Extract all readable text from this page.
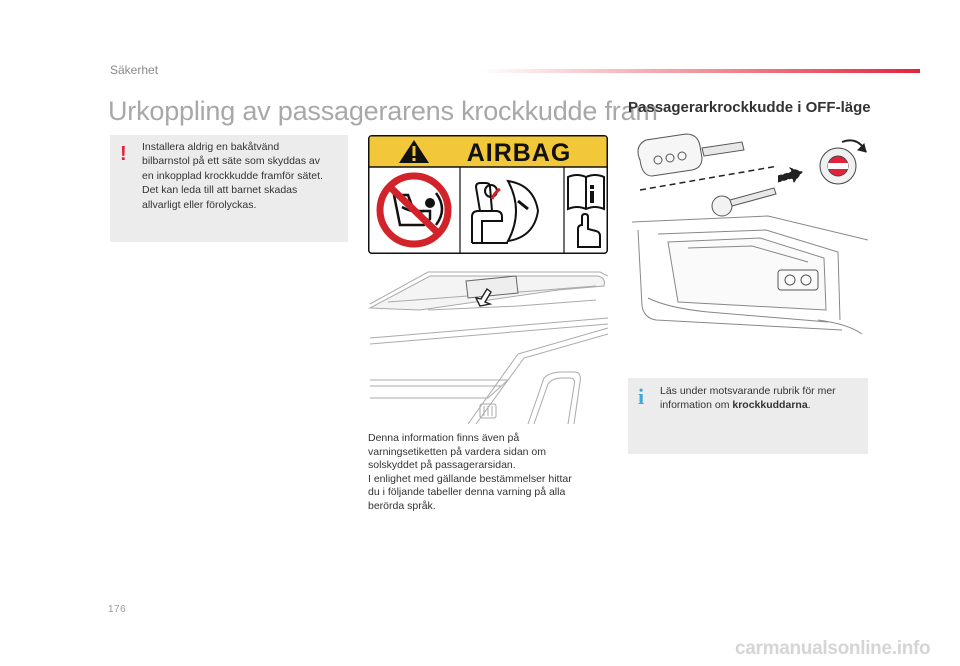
Säkerhet
Urkoppling av passagerarens krockkudde fram
Passagerarkrockkudde i OFF-läge
! Installera aldrig en bakåtvänd
bilbarnstol på ett säte som skyddas av
en inkopplad krockkudde framför sätet.
Det kan leda till att barnet skadas
allvarligt eller förolyckas.
AIRBAG
Denna information finns även på
varningsetiketten på vardera sidan om
solskyddet på passagerarsidan.
I enlighet med gällande bestämmelser hittar
du i följande tabeller denna varning på alla
berörda språk.
i Läs under motsvarande rubrik för mer
information om krockkuddarna.
176
carmanualsonline.info
